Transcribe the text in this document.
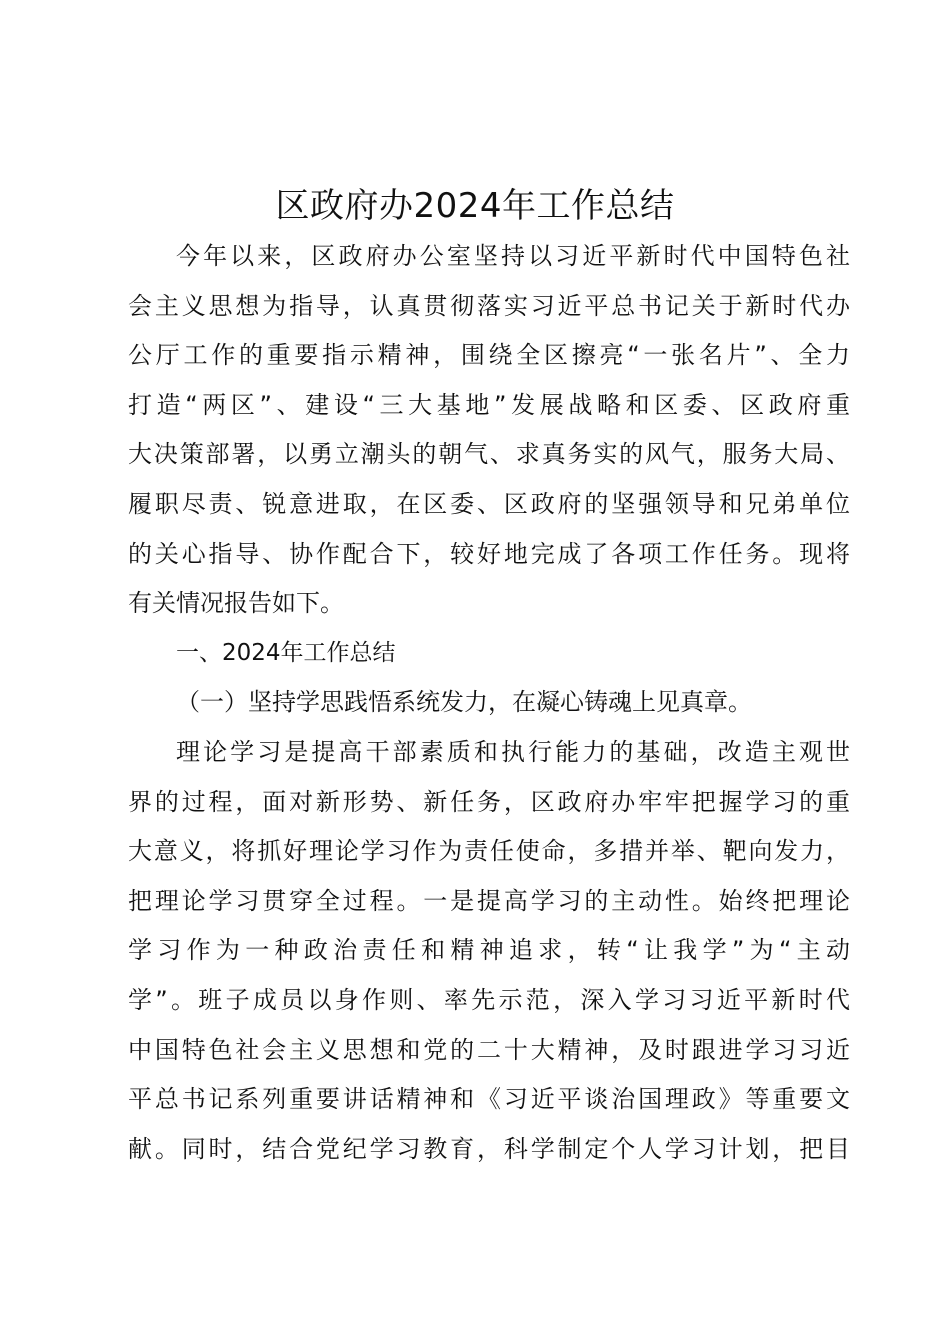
区政府办2024年工作总结
今年以来，区政府办公室坚持以习近平新时代中国特色社
会主义思想为指导，认真贯彻落实习近平总书记关于新时代办
公厅工作的重要指示精神，围绕全区擦亮“一张名片”、全力
打造“两区”、建设“三大基地”发展战略和区委、区政府重
大决策部署，以勇立潮头的朝气、求真务实的风气，服务大局、
履职尽责、锐意进取，在区委、区政府的坚强领导和兄弟单位
的关心指导、协作配合下，较好地完成了各项工作任务。现将
有关情况报告如下。
一、2024年工作总结
（一）坚持学思践悟系统发力，在凝心铸魂上见真章。
理论学习是提高干部素质和执行能力的基础，改造主观世
界的过程，面对新形势、新任务，区政府办牢牢把握学习的重
大意义，将抓好理论学习作为责任使命，多措并举、靶向发力，
把理论学习贯穿全过程。一是提高学习的主动性。始终把理论
学习作为一种政治责任和精神追求，转“让我学”为“主动
学”。班子成员以身作则、率先示范，深入学习习近平新时代
中国特色社会主义思想和党的二十大精神，及时跟进学习习近
平总书记系列重要讲话精神和《习近平谈治国理政》等重要文
献。同时，结合党纪学习教育，科学制定个人学习计划，把目
